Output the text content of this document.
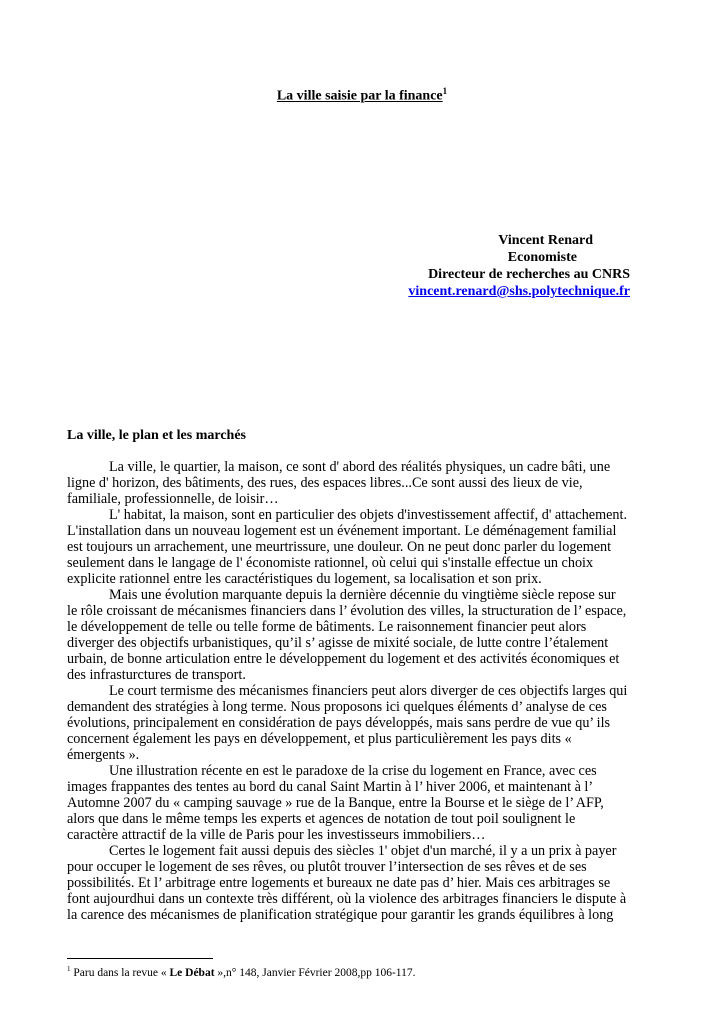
La ville saisie par la finance$^1$
Vincent Renard
Economiste
Directeur de recherches au CNRS
vincent.renard@shs.polytechnique.fr
La ville, le plan et les marchés

La ville, le quartier, la maison, ce sont d' abord des réalités physiques, un cadre bâti, une ligne d' horizon, des bâtiments, des rues, des espaces libres...Ce sont aussi des lieux de vie, familiale, professionnelle, de loisir…

L' habitat, la maison, sont en particulier des objets d'investissement affectif, d' attachement. L'installation dans un nouveau logement est un événement important. Le déménagement familial est toujours un arrachement, une meurtrissure, une douleur. On ne peut donc parler du logement seulement dans le langage de l' économiste rationnel, où celui qui s'installe effectue un choix explicite rationnel entre les caractéristiques du logement, sa localisation et son prix.

Mais une évolution marquante depuis la dernière décennie du vingtième siècle repose sur le rôle croissant de mécanismes financiers dans l’ évolution des villes, la structuration de l’ espace, le développement de telle ou telle forme de bâtiments. Le raisonnement financier peut alors diverger des objectifs urbanistiques, qu’il s’ agisse de mixité sociale, de lutte contre l’étalement urbain, de bonne articulation entre le développement du logement et des activités économiques et des infrasturctures de transport.

Le court termisme des mécanismes financiers peut alors diverger de ces objectifs larges qui demandent des stratégies à long terme. Nous proposons ici quelques éléments d’ analyse de ces évolutions, principalement en considération de pays développés, mais sans perdre de vue qu’ ils concernent également les pays en développement, et plus particulièrement les pays dits « émergents ».

Une illustration récente en est le paradoxe de la crise du logement en France, avec ces images frappantes des tentes au bord du canal Saint Martin à l’ hiver 2006, et maintenant à l’ Automne 2007 du « camping sauvage » rue de la Banque, entre la Bourse et le siège de l’ AFP, alors que dans le même temps les experts et agences de notation de tout poil soulignent le caractère attractif de la ville de Paris pour les investisseurs immobiliers…

Certes le logement fait aussi depuis des siècles 1' objet d'un marché, il y a un prix à payer pour occuper le logement de ses rêves, ou plutôt trouver l’intersection de ses rêves et de ses possibilités. Et l’ arbitrage entre logements et bureaux ne date pas d’ hier. Mais ces arbitrages se font aujourdhui dans un contexte très différent, où la violence des arbitrages financiers le dispute à la carence des mécanismes de planification stratégique pour garantir les grands équilibres à long

$^1$ Paru dans la revue « Le Débat »,n° 148, Janvier Février 2008,pp 106-117.
